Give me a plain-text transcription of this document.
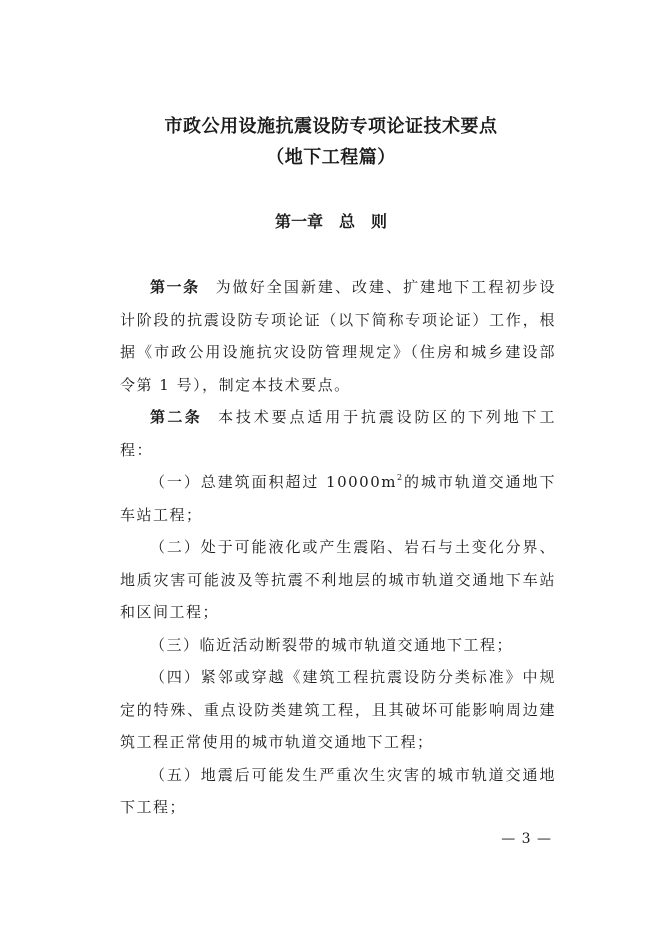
市政公用设施抗震设防专项论证技术要点
（地下工程篇）
第一章 总　则

第一条 为做好全国新建、改建、扩建地下工程初步设计阶段的抗震设防专项论证（以下简称专项论证）工作，根据《市政公用设施抗灾设防管理规定》（住房和城乡建设部令第 1 号），制定本技术要点。

第二条 本技术要点适用于抗震设防区的下列地下工程：

（一）总建筑面积超过 $10000m^2$的城市轨道交通地下车站工程；

（二）处于可能液化或产生震陷、岩石与土变化分界、地质灾害可能波及等抗震不利地层的城市轨道交通地下车站和区间工程；

（三）临近活动断裂带的城市轨道交通地下工程；

（四）紧邻或穿越《建筑工程抗震设防分类标准》中规定的特殊、重点设防类建筑工程，且其破坏可能影响周边建筑工程正常使用的城市轨道交通地下工程；

（五）地震后可能发生严重次生灾害的城市轨道交通地下工程；

— 3 —
